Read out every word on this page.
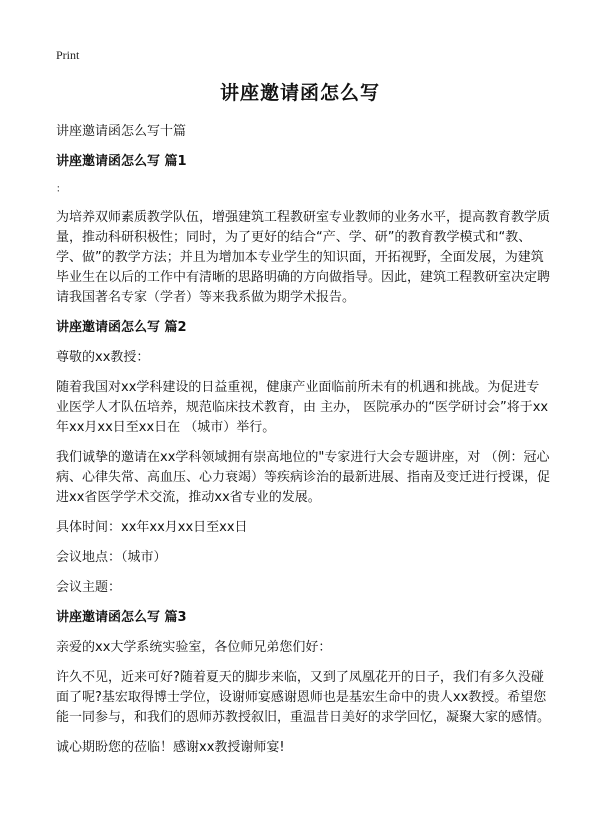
Print
讲座邀请函怎么写

讲座邀请函怎么写十篇

讲座邀请函怎么写 篇1

：

为培养双师素质教学队伍，增强建筑工程教研室专业教师的业务水平，提高教育教学质量，推动科研积极性；同时，为了更好的结合“产、学、研”的教育教学模式和“教、学、做”的教学方法；并且为增加本专业学生的知识面，开拓视野，全面发展，为建筑毕业生在以后的工作中有清晰的思路明确的方向做指导。因此，建筑工程教研室决定聘请我国著名专家（学者）等来我系做为期学术报告。

讲座邀请函怎么写 篇2

尊敬的xx教授：

随着我国对xx学科建设的日益重视，健康产业面临前所未有的机遇和挑战。为促进专业医学人才队伍培养，规范临床技术教育，由 主办， 医院承办的“医学研讨会”将于xx年xx月xx日至xx日在 （城市）举行。

我们诚挚的邀请在xx学科领域拥有崇高地位的"专家进行大会专题讲座，对 （例：冠心病、心律失常、高血压、心力衰竭）等疾病诊治的最新进展、指南及变迁进行授课，促进xx省医学学术交流，推动xx省专业的发展。

具体时间：xx年xx月xx日至xx日

会议地点：（城市）

会议主题：

讲座邀请函怎么写 篇3

亲爱的xx大学系统实验室，各位师兄弟您们好：

许久不见，近来可好?随着夏天的脚步来临，又到了凤凰花开的日子，我们有多久没碰面了呢?基宏取得博士学位，设谢师宴感谢恩师也是基宏生命中的贵人xx教授。希望您能一同参与，和我们的恩师苏教授叙旧，重温昔日美好的求学回忆，凝聚大家的感情。

诚心期盼您的莅临！感谢xx教授谢师宴!
